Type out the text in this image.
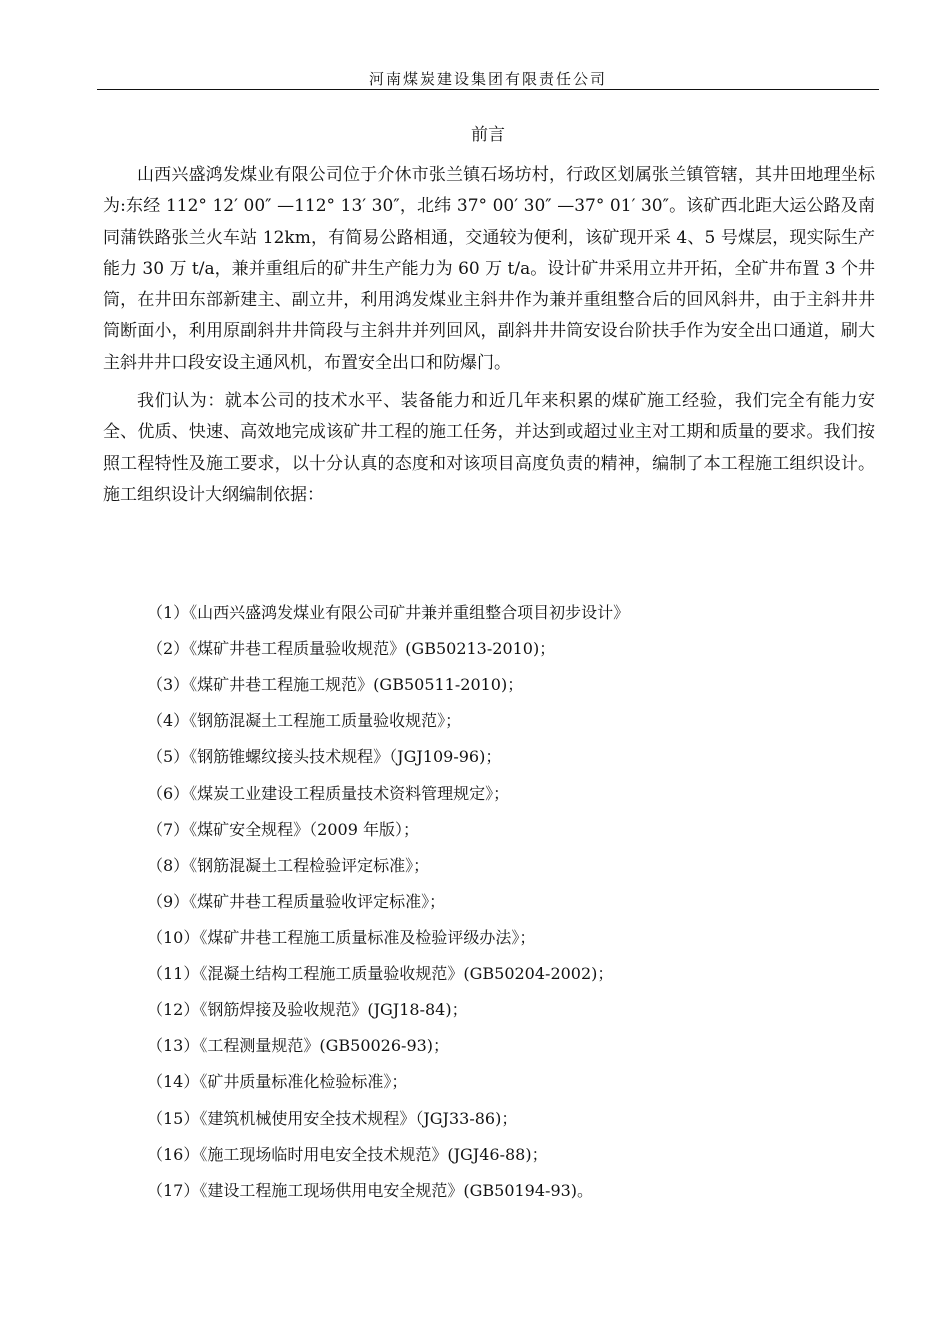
河南煤炭建设集团有限责任公司
前言

山西兴盛鸿发煤业有限公司位于介休市张兰镇石场坊村，行政区划属张兰镇管辖，其井田地理坐标为:东经 112° 12′ 00″ —112° 13′ 30″，北纬 37° 00′ 30″ —37° 01′ 30″。该矿西北距大运公路及南同蒲铁路张兰火车站 12km，有简易公路相通，交通较为便利，该矿现开采 4、5 号煤层，现实际生产能力 30 万 t/a，兼并重组后的矿井生产能力为 60 万 t/a。设计矿井采用立井开拓，全矿井布置 3 个井筒，在井田东部新建主、副立井，利用鸿发煤业主斜井作为兼并重组整合后的回风斜井，由于主斜井井筒断面小，利用原副斜井井筒段与主斜井并列回风，副斜井井筒安设台阶扶手作为安全出口通道，刷大主斜井井口段安设主通风机，布置安全出口和防爆门。

我们认为：就本公司的技术水平、装备能力和近几年来积累的煤矿施工经验，我们完全有能力安全、优质、快速、高效地完成该矿井工程的施工任务，并达到或超过业主对工期和质量的要求。我们按照工程特性及施工要求，以十分认真的态度和对该项目高度负责的精神，编制了本工程施工组织设计。施工组织设计大纲编制依据：

（1）《山西兴盛鸿发煤业有限公司矿井兼并重组整合项目初步设计》
（2）《煤矿井巷工程质量验收规范》(GB50213-2010)；
（3）《煤矿井巷工程施工规范》(GB50511-2010)；
（4）《钢筋混凝土工程施工质量验收规范》；
（5）《钢筋锥螺纹接头技术规程》（JGJ109-96)；
（6）《煤炭工业建设工程质量技术资料管理规定》；
（7）《煤矿安全规程》（2009 年版）；
（8）《钢筋混凝土工程检验评定标准》；
（9）《煤矿井巷工程质量验收评定标准》；
（10）《煤矿井巷工程施工质量标准及检验评级办法》；
（11）《混凝土结构工程施工质量验收规范》(GB50204-2002)；
（12）《钢筋焊接及验收规范》(JGJ18-84)；
（13）《工程测量规范》(GB50026-93)；
（14）《矿井质量标准化检验标准》；
（15）《建筑机械使用安全技术规程》（JGJ33-86)；
（16）《施工现场临时用电安全技术规范》(JGJ46-88)；
（17）《建设工程施工现场供用电安全规范》(GB50194-93)。
